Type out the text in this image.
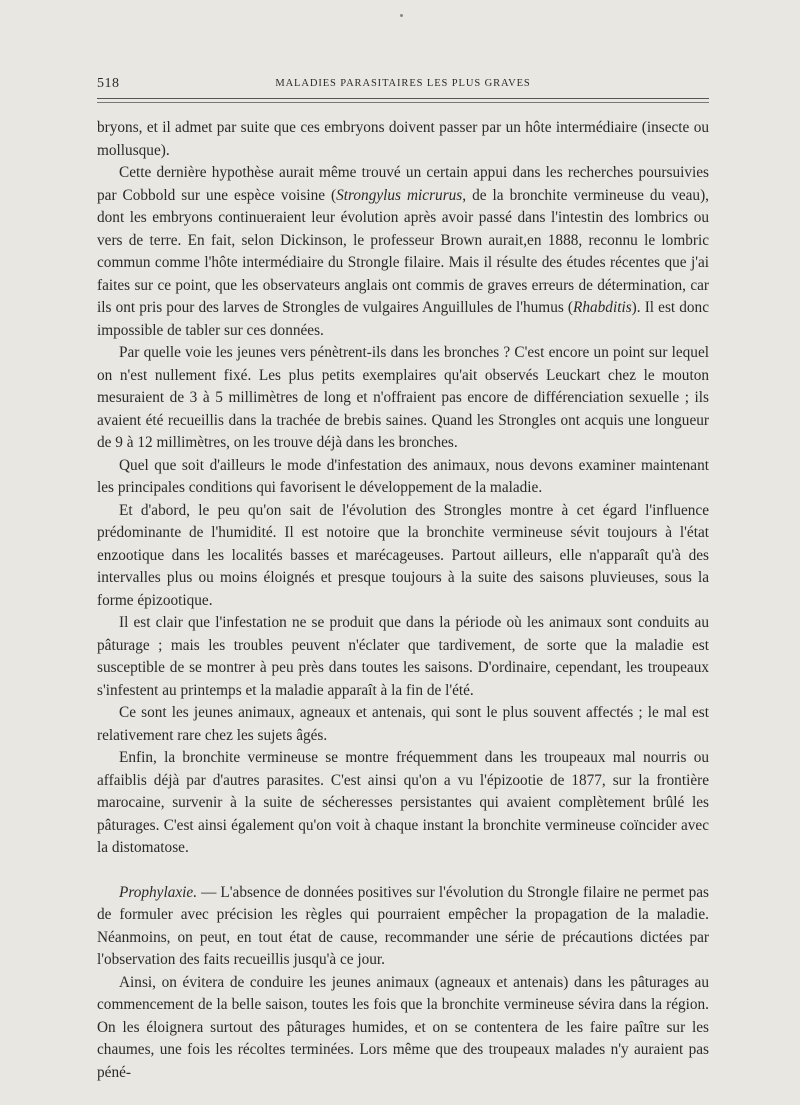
518	MALADIES PARASITAIRES LES PLUS GRAVES

bryons, et il admet par suite que ces embryons doivent passer par un hôte intermédiaire (insecte ou mollusque).

Cette dernière hypothèse aurait même trouvé un certain appui dans les recherches poursuivies par Cobbold sur une espèce voisine (Strongylus micrurus, de la bronchite vermineuse du veau), dont les embryons continueraient leur évolution après avoir passé dans l'intestin des lombrics ou vers de terre. En fait, selon Dickinson, le professeur Brown aurait,en 1888, reconnu le lombric commun comme l'hôte intermédiaire du Strongle filaire. Mais il résulte des études récentes que j'ai faites sur ce point, que les observateurs anglais ont commis de graves erreurs de détermination, car ils ont pris pour des larves de Strongles de vulgaires Anguillules de l'humus (Rhabditis). Il est donc impossible de tabler sur ces données.

Par quelle voie les jeunes vers pénètrent-ils dans les bronches ? C'est encore un point sur lequel on n'est nullement fixé. Les plus petits exemplaires qu'ait observés Leuckart chez le mouton mesuraient de 3 à 5 millimètres de long et n'offraient pas encore de différenciation sexuelle ; ils avaient été recueillis dans la trachée de brebis saines. Quand les Strongles ont acquis une longueur de 9 à 12 millimètres, on les trouve déjà dans les bronches.

Quel que soit d'ailleurs le mode d'infestation des animaux, nous devons examiner maintenant les principales conditions qui favorisent le développement de la maladie.

Et d'abord, le peu qu'on sait de l'évolution des Strongles montre à cet égard l'influence prédominante de l'humidité. Il est notoire que la bronchite vermineuse sévit toujours à l'état enzootique dans les localités basses et marécageuses. Partout ailleurs, elle n'apparaît qu'à des intervalles plus ou moins éloignés et presque toujours à la suite des saisons pluvieuses, sous la forme épizootique.

Il est clair que l'infestation ne se produit que dans la période où les animaux sont conduits au pâturage ; mais les troubles peuvent n'éclater que tardivement, de sorte que la maladie est susceptible de se montrer à peu près dans toutes les saisons. D'ordinaire, cependant, les troupeaux s'infestent au printemps et la maladie apparaît à la fin de l'été.

Ce sont les jeunes animaux, agneaux et antenais, qui sont le plus souvent affectés ; le mal est relativement rare chez les sujets âgés.

Enfin, la bronchite vermineuse se montre fréquemment dans les troupeaux mal nourris ou affaiblis déjà par d'autres parasites. C'est ainsi qu'on a vu l'épizootie de 1877, sur la frontière marocaine, survenir à la suite de sécheresses persistantes qui avaient complètement brûlé les pâturages. C'est ainsi également qu'on voit à chaque instant la bronchite vermineuse coïncider avec la distomatose.

Prophylaxie. — L'absence de données positives sur l'évolution du Strongle filaire ne permet pas de formuler avec précision les règles qui pourraient empêcher la propagation de la maladie. Néanmoins, on peut, en tout état de cause, recommander une série de précautions dictées par l'observation des faits recueillis jusqu'à ce jour.

Ainsi, on évitera de conduire les jeunes animaux (agneaux et antenais) dans les pâturages au commencement de la belle saison, toutes les fois que la bronchite vermineuse sévira dans la région. On les éloignera surtout des pâturages humides, et on se contentera de les faire paître sur les chaumes, une fois les récoltes terminées. Lors même que des troupeaux malades n'y auraient pas péné-
